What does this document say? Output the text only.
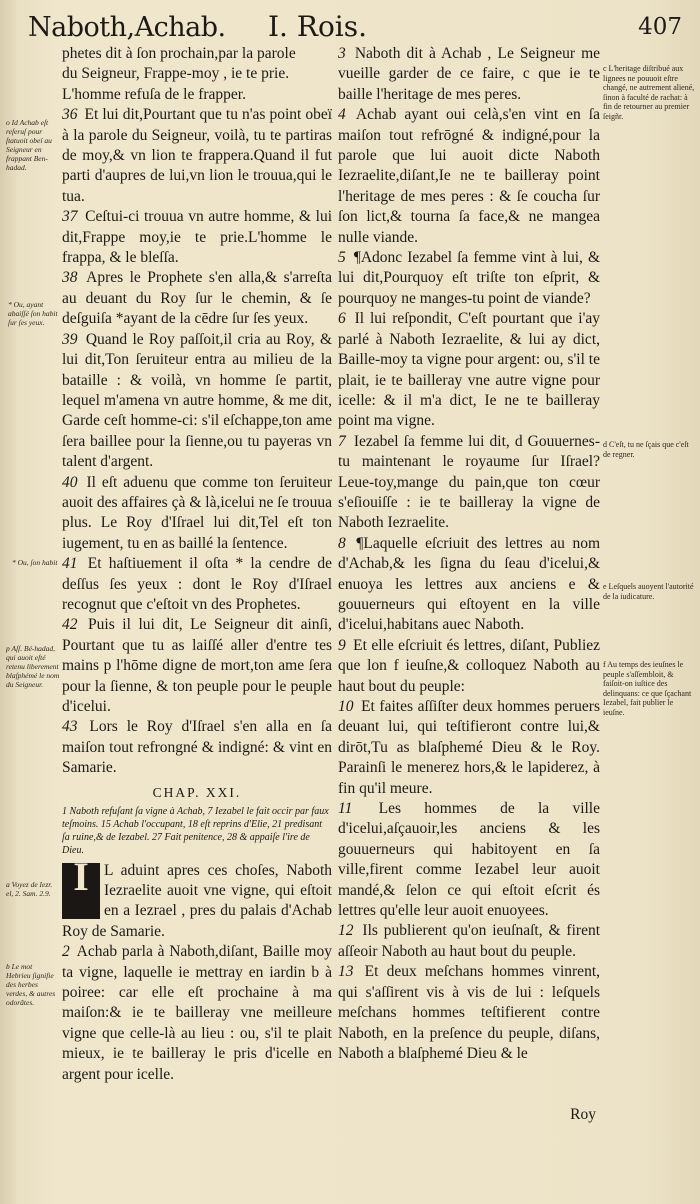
Naboth,Achab. I. Rois.	407
o Id Achab eſt reſeruſ pour ſtatuoit obeï au Seigneur en frappant Ben-hadad.
* Ou, ayant abaiſſé ſon habit ſur ſes yeux.
* Ou, ſon habit
p Aſſ. Bé-hadad, qui auoit eſté retenu liberement blaſphémé le nom du Seigneur.
a Voyez de Iezr. el, 2. Sam. 2.9.
b Le mot Hebrieu ſignifie des herbes verdes, & autres odorātes.
c L'heritage diſtribué aux lignees ne pouuoit eſtre changé, ne autrement aliené, ſinon à faculté de rachat: à fin de retourner au premier ſeigñr.
d C'eſt, tu ne ſçais que c'eſt de regner.
e Leſquels auoyent l'autorité de la iudicature.
f Au temps des ieuſnes le peuple s'aſſembloit, & faiſoit-on iuſtice des delinquans: ce que ſçachant Iezabel, fait publier le ieuſne.

phetes dit à ſon prochain,par la parole

du Seigneur, Frappe-moy , ie te prie.

L'homme refuſa de le frapper.

36 Et lui dit,Pourtant que tu n'as point obeï à la parole du Seigneur, voilà, tu te partiras de moy,& vn lion te frappera.Quand il fut parti d'aupres de lui,vn lion le trouua,qui le tua.

37 Ceſtui-ci trouua vn autre homme, & lui dit,Frappe moy,ie te prie.L'homme le frappa, & le bleſſa.

38 Apres le Prophete s'en alla,& s'arreſta au deuant du Roy ſur le chemin, & ſe deſguiſa *ayant de la cēdre ſur ſes yeux.

39 Quand le Roy paſſoit,il cria au Roy, & lui dit,Ton ſeruiteur entra au milieu de la bataille : & voilà, vn homme ſe partit, lequel m'amena vn autre homme, & me dit, Garde ceſt homme-ci: s'il eſchappe,ton ame ſera baillee pour la ſienne,ou tu payeras vn talent d'argent.

40 Il eſt aduenu que comme ton ſeruiteur auoit des affaires çà & là,icelui ne ſe trouua plus. Le Roy d'Iſrael lui dit,Tel eſt ton iugement, tu en as baillé la ſentence.

41 Et haſtiuement il oſta * la cendre de deſſus ſes yeux : dont le Roy d'Iſrael recognut que c'eſtoit vn des Prophetes.

42 Puis il lui dit, Le Seigneur dit ainſi, Pourtant que tu as laiſſé aller d'entre tes mains p l'hōme digne de mort,ton ame ſera pour la ſienne, & ton peuple pour le peuple d'icelui.

43 Lors le Roy d'Iſrael s'en alla en ſa maiſon tout refrongné & indigné: & vint en Samarie.

CHAP. XXI.

1 Naboth refuſant ſa vigne à Achab, 7 Iezabel le fait occir par faux teſmoins. 15 Achab l'occupant, 18 eſt reprins d'Elie, 21 predisant ſa ruine,& de Iezabel. 27 Fait penitence, 28 & appaiſe l'ire de Dieu.

I L aduint apres ces choſes, Naboth Iezraelite auoit vne vigne, qui eſtoit en a Iezrael , pres du palais d'Achab Roy de Samarie.

2 Achab parla à Naboth,diſant, Baille moy ta vigne, laquelle ie mettray en iardin b à poiree: car elle eſt prochaine à ma maiſon:& ie te bailleray vne meilleure vigne que celle-là au lieu : ou, s'il te plait mieux, ie te bailleray le pris d'icelle en argent pour icelle.

3 Naboth dit à Achab , Le Seigneur me vueille garder de ce faire, c que ie te baille l'heritage de mes peres.

4 Achab ayant oui celà,s'en vint en ſa maiſon tout refrōgné & indigné,pour la parole que lui auoit dicte Naboth Iezraelite,diſant,Ie ne te bailleray point l'heritage de mes peres : & ſe coucha ſur ſon lict,& tourna ſa face,& ne mangea nulle viande.

5 ¶Adonc Iezabel ſa femme vint à lui, & lui dit,Pourquoy eſt triſte ton eſprit, & pourquoy ne manges-tu point de viande?

6 Il lui reſpondit, C'eſt pourtant que i'ay parlé à Naboth Iezraelite, & lui ay dict, Baille-moy ta vigne pour argent: ou, s'il te plait, ie te bailleray vne autre vigne pour icelle: & il m'a dict, Ie ne te bailleray point ma vigne.

7 Iezabel ſa femme lui dit, d Gouuernes-tu maintenant le royaume ſur Iſrael? Leue-toy,mange du pain,que ton cœur s'eſiouiſſe : ie te bailleray la vigne de Naboth Iezraelite.

8 ¶Laquelle eſcriuit des lettres au nom d'Achab,& les ſigna du ſeau d'icelui,& enuoya les lettres aux anciens e & gouuerneurs qui eſtoyent en la ville d'icelui,habitans auec Naboth.

9 Et elle eſcriuit és lettres, diſant, Publiez que lon f ieuſne,& colloquez Naboth au haut bout du peuple:

10 Et faites aſſiſter deux hommes peruers deuant lui, qui teſtifieront contre lui,& dirōt,Tu as blaſphemé Dieu & le Roy. Parainſi le menerez hors,& le lapiderez, à fin qu'il meure.

11 Les hommes de la ville d'icelui,aſçauoir,les anciens & les gouuerneurs qui habitoyent en ſa ville,firent comme Iezabel leur auoit mandé,& ſelon ce qui eſtoit eſcrit és lettres qu'elle leur auoit enuoyees.

12 Ils publierent qu'on ieuſnaſt, & firent aſſeoir Naboth au haut bout du peuple.

13 Et deux meſchans hommes vinrent, qui s'aſſirent vis à vis de lui : leſquels meſchans hommes teſtifierent contre Naboth, en la preſence du peuple, diſans, Naboth a blaſphemé Dieu & le

Roy
